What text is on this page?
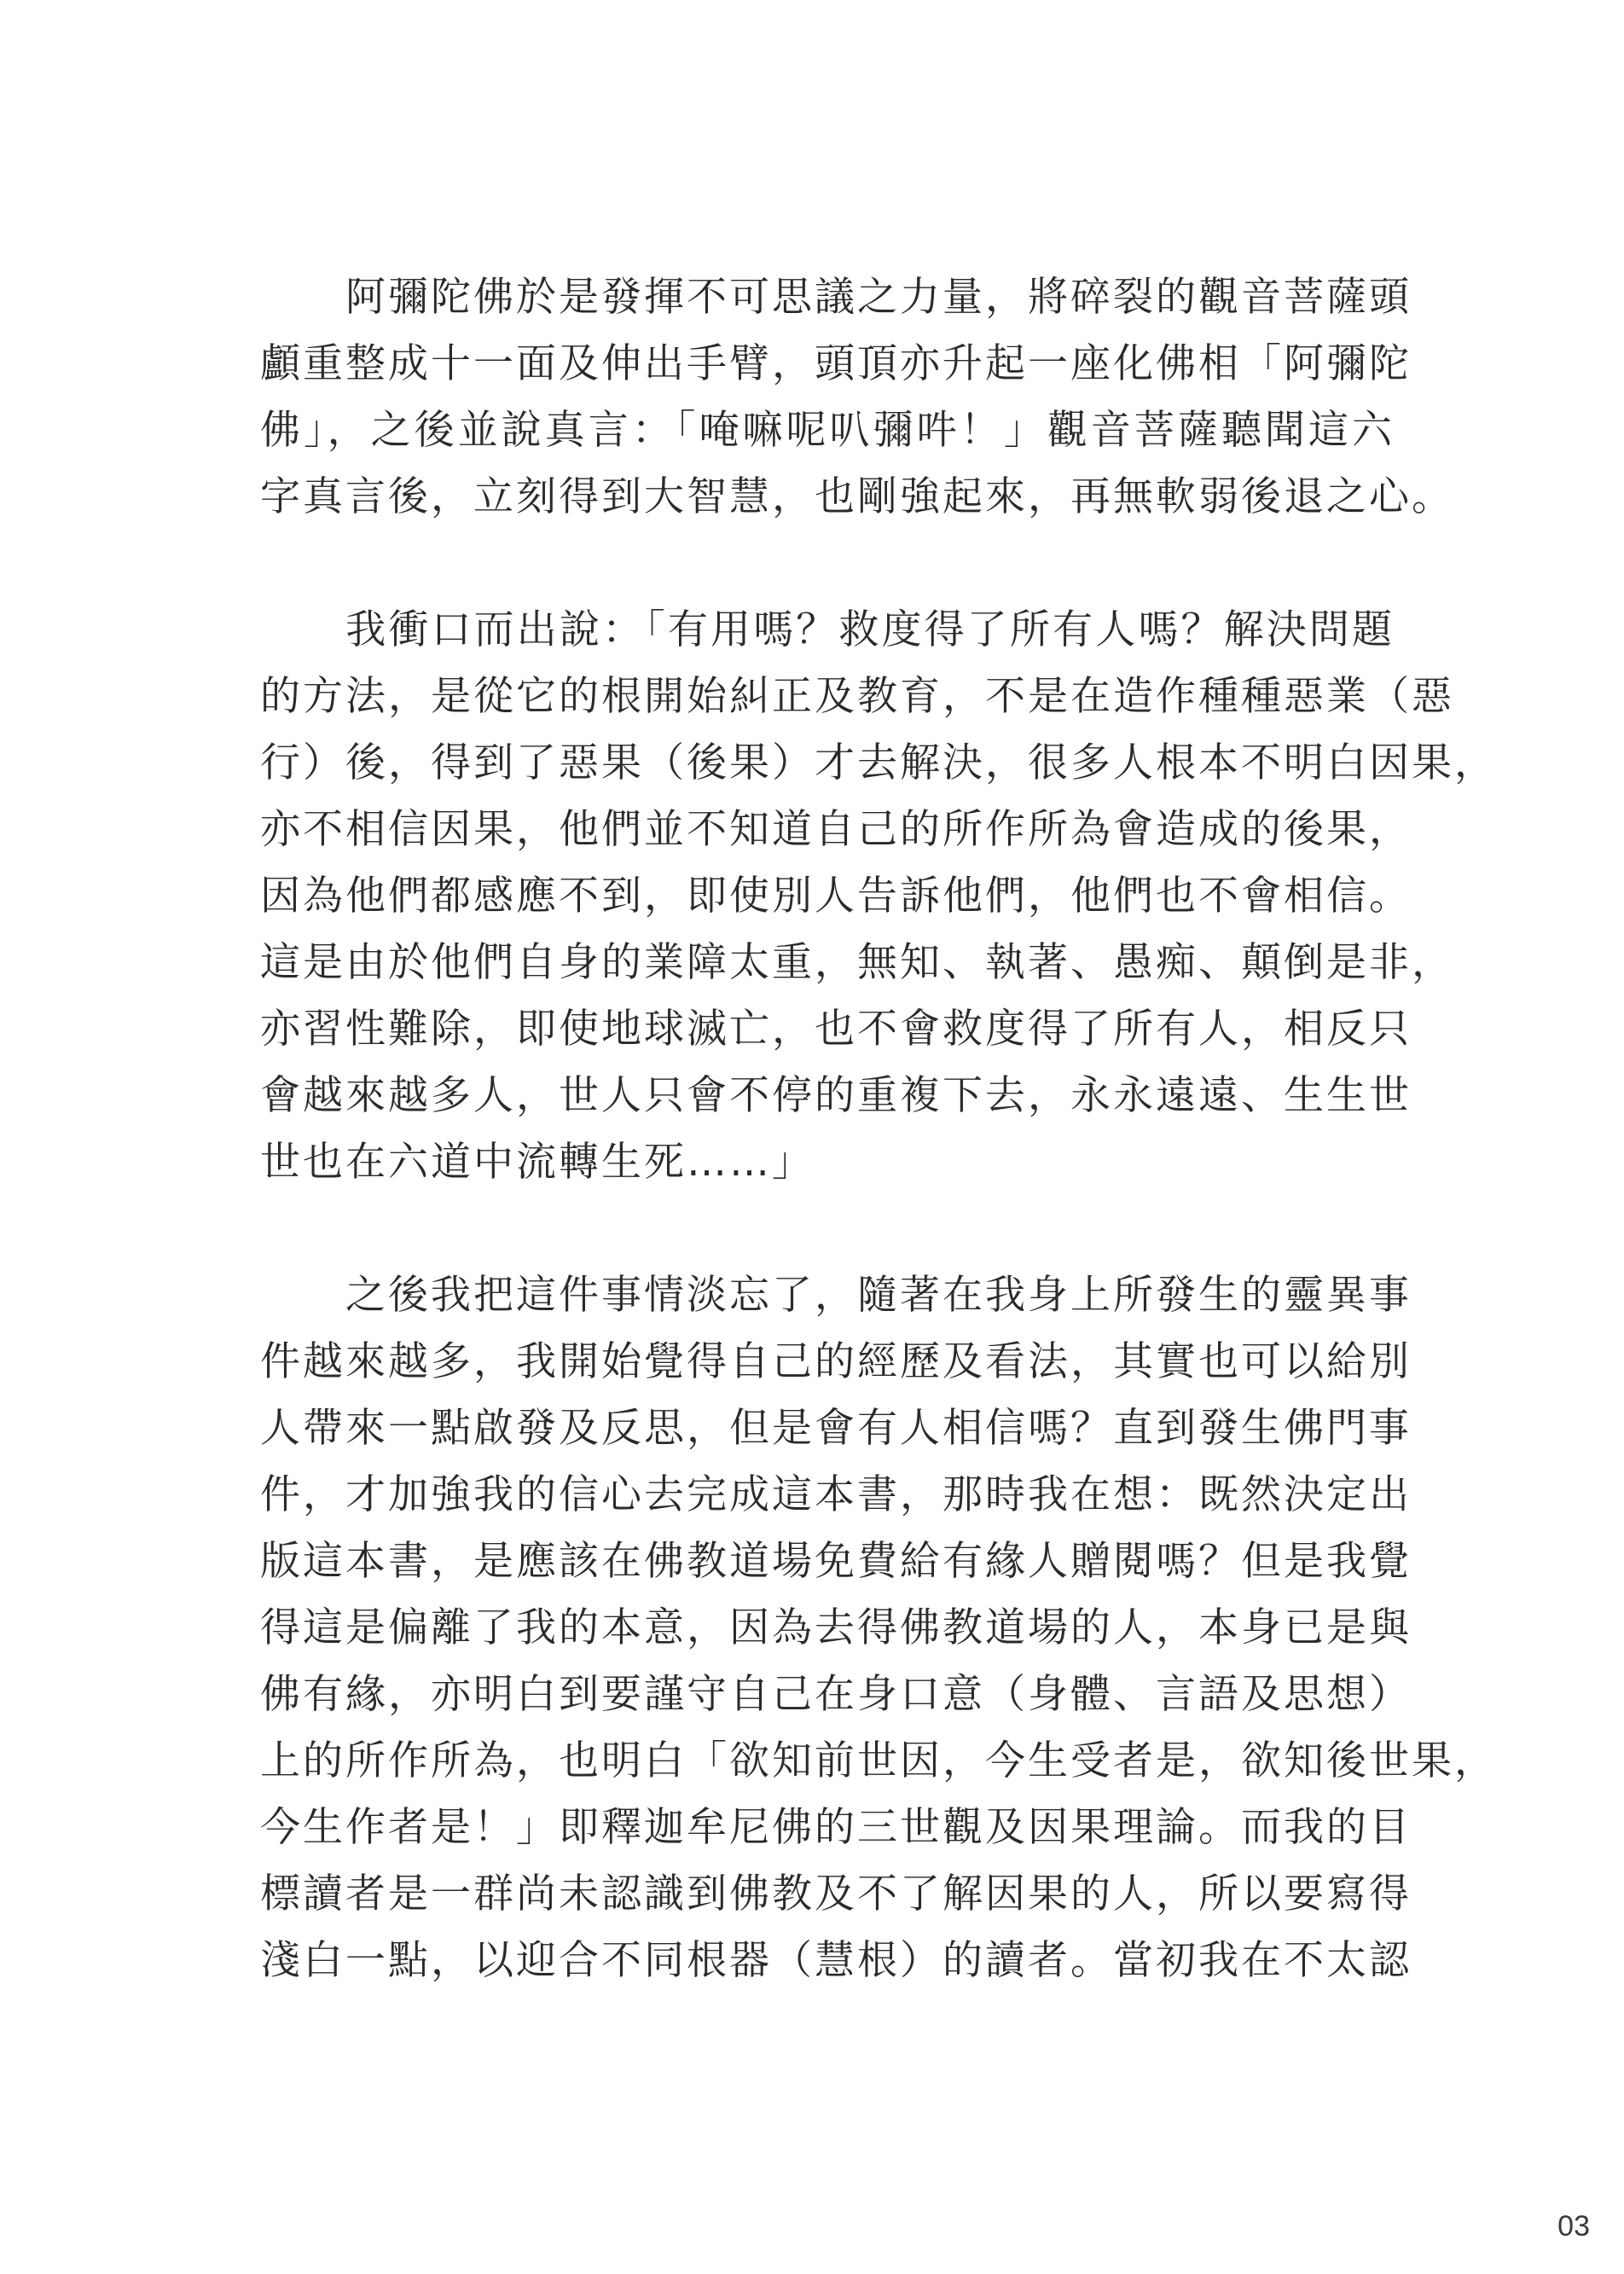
　　阿彌陀佛於是發揮不可思議之力量，將碎裂的觀音菩薩頭
顱重整成十一面及伸出手臂，頭頂亦升起一座化佛相「阿彌陀
佛」，之後並說真言：「唵嘛呢叭彌吽！」觀音菩薩聽聞這六
字真言後，立刻得到大智慧，也剛強起來，再無軟弱後退之心。
　　我衝口而出說：「有用嗎？救度得了所有人嗎？解決問題
的方法，是從它的根開始糾正及教育，不是在造作種種惡業（惡
行）後，得到了惡果（後果）才去解決，很多人根本不明白因果，
亦不相信因果，他們並不知道自己的所作所為會造成的後果，
因為他們都感應不到，即使別人告訴他們，他們也不會相信。
這是由於他們自身的業障太重，無知、執著、愚痴、顛倒是非，
亦習性難除，即使地球滅亡，也不會救度得了所有人，相反只
會越來越多人，世人只會不停的重複下去，永永遠遠、生生世
世也在六道中流轉生死……」
　　之後我把這件事情淡忘了，隨著在我身上所發生的靈異事
件越來越多，我開始覺得自己的經歷及看法，其實也可以給別
人帶來一點啟發及反思，但是會有人相信嗎？直到發生佛門事
件，才加強我的信心去完成這本書，那時我在想：既然決定出
版這本書，是應該在佛教道場免費給有緣人贈閱嗎？但是我覺
得這是偏離了我的本意，因為去得佛教道場的人，本身已是與
佛有緣，亦明白到要謹守自己在身口意（身體、言語及思想）
上的所作所為，也明白「欲知前世因，今生受者是，欲知後世果，
今生作者是！」即釋迦牟尼佛的三世觀及因果理論。而我的目
標讀者是一群尚未認識到佛教及不了解因果的人，所以要寫得
淺白一點，以迎合不同根器（慧根）的讀者。當初我在不太認
03
